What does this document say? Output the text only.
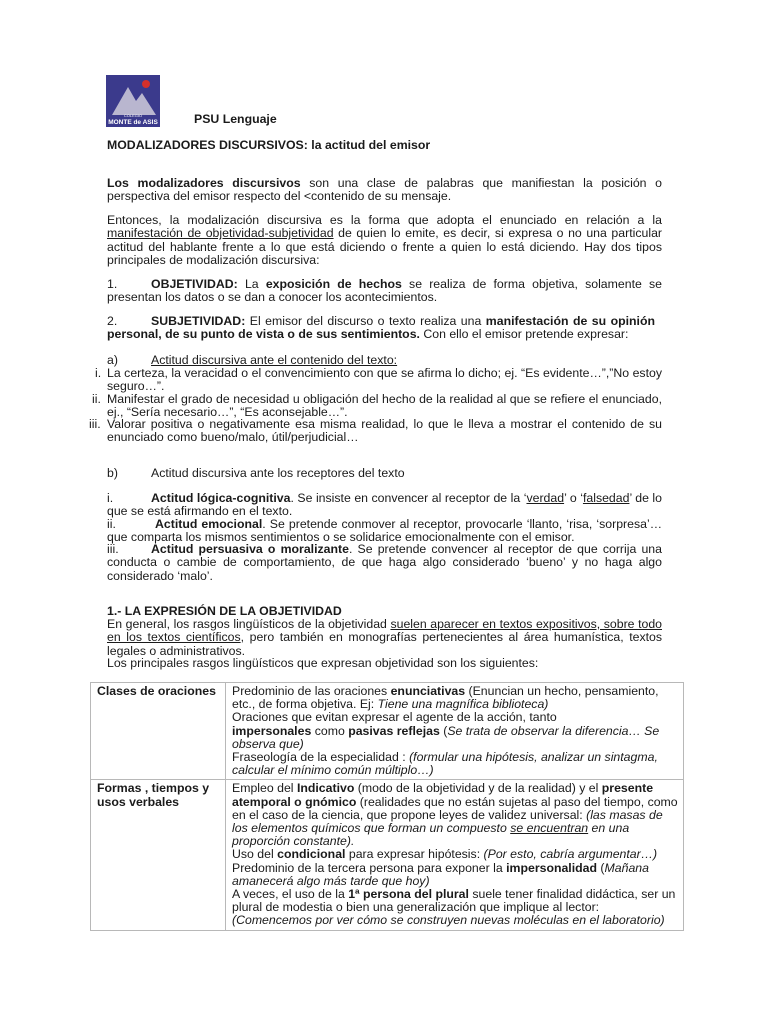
COLEGIO
MONTE de ASIS	PSU Lenguaje
MODALIZADORES DISCURSIVOS: la actitud del emisor
Los modalizadores discursivos son una clase de palabras que manifiestan la posición o perspectiva del emisor respecto del <contenido de su mensaje.
Entonces, la modalización discursiva es la forma que adopta el enunciado en relación a la manifestación de objetividad-subjetividad de quien lo emite, es decir, si expresa o no una particular actitud del hablante frente a lo que está diciendo o frente a quien lo está diciendo. Hay dos tipos principales de modalización discursiva:
1.	OBJETIVIDAD: La exposición de hechos se realiza de forma objetiva, solamente se presentan los datos o se dan a conocer los acontecimientos.
2.	SUBJETIVIDAD: El emisor del discurso o texto realiza una manifestación de su opinión personal, de su punto de vista o de sus sentimientos. Con ello el emisor pretende expresar:
a)	Actitud discursiva ante el contenido del texto:
i. La certeza, la veracidad o el convencimiento con que se afirma lo dicho; ej. “Es evidente…”,”No estoy seguro…”.
ii. Manifestar el grado de necesidad u obligación del hecho de la realidad al que se refiere el enunciado, ej., “Sería necesario…”, “Es aconsejable…”.
iii. Valorar positiva o negativamente esa misma realidad, lo que le lleva a mostrar el contenido de su enunciado como bueno/malo, útil/perjudicial…
b)	Actitud discursiva ante los receptores del texto
i.	Actitud lógica-cognitiva. Se insiste en convencer al receptor de la ‘verdad’ o ‘falsedad’ de lo que se está afirmando en el texto.
ii.	Actitud emocional. Se pretende conmover al receptor, provocarle ‘llanto, ‘risa, ‘sorpresa’… que comparta los mismos sentimientos o se solidarice emocionalmente con el emisor.
iii.	Actitud persuasiva o moralizante. Se pretende convencer al receptor de que corrija una conducta o cambie de comportamiento, de que haga algo considerado ‘bueno’ y no haga algo considerado ‘malo’.
1.- LA EXPRESIÓN DE LA OBJETIVIDAD
En general, los rasgos lingüísticos de la objetividad suelen aparecer en textos expositivos, sobre todo en los textos científicos, pero también en monografías pertenecientes al área humanística, textos legales o administrativos.
Los principales rasgos lingüísticos que expresan objetividad son los siguientes:
Clases de oraciones	Predominio de las oraciones enunciativas (Enuncian un hecho, pensamiento, etc., de forma objetiva. Ej: Tiene una magnífica biblioteca)
Oraciones que evitan expresar el agente de la acción, tanto
impersonales como pasivas reflejas (Se trata de observar la diferencia… Se observa que)
Fraseología de la especialidad : (formular una hipótesis, analizar un sintagma, calcular el mínimo común múltiplo…)

Formas , tiempos y usos verbales	Empleo del Indicativo (modo de la objetividad y de la realidad) y el presente atemporal o gnómico (realidades que no están sujetas al paso del tiempo, como en el caso de la ciencia, que propone leyes de validez universal: (las masas de los elementos químicos que forman un compuesto se encuentran en una proporción constante).
Uso del condicional para expresar hipótesis: (Por esto, cabría argumentar…)
Predominio de la tercera persona para exponer la impersonalidad (Mañana amanecerá algo más tarde que hoy)
A veces, el uso de la 1ª persona del plural suele tener finalidad didáctica, ser un plural de modestia o bien una generalización que implique al lector: (Comencemos por ver cómo se construyen nuevas moléculas en el laboratorio)
